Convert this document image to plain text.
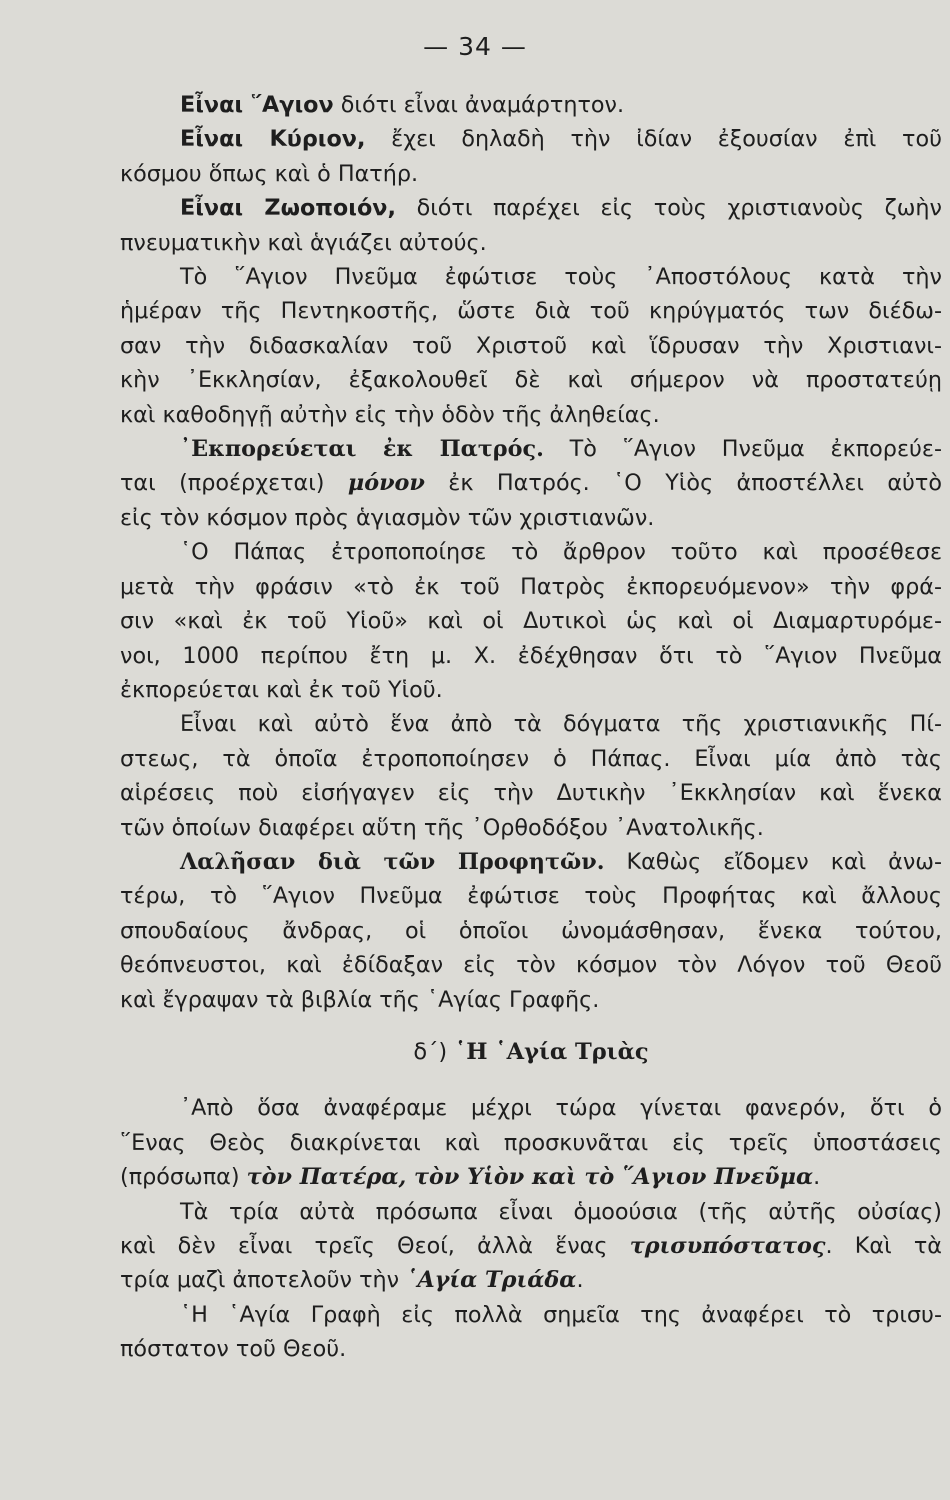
— 34 —
Εἶναι ῞Αγιον διότι εἶναι ἀναμάρτητον.
Εἶναι Κύριον, ἔχει δηλαδὴ τὴν ἰδίαν ἐξουσίαν ἐπὶ τοῦ
κόσμου ὅπως καὶ ὁ Πατήρ.
Εἶναι Ζωοποιόν, διότι παρέχει εἰς τοὺς χριστιανοὺς ζωὴν
πνευματικὴν καὶ ἁγιάζει αὐτούς.
Τὸ ῞Αγιον Πνεῦμα ἐφώτισε τοὺς ᾿Αποστόλους κατὰ τὴν
ἡμέραν τῆς Πεντηκοστῆς, ὥστε διὰ τοῦ κηρύγματός των διέδω-
σαν τὴν διδασκαλίαν τοῦ Χριστοῦ καὶ ἵδρυσαν τὴν Χριστιανι-
κὴν ᾿Εκκλησίαν, ἐξακολουθεῖ δὲ καὶ σήμερον νὰ προστατεύῃ
καὶ καθοδηγῇ αὐτὴν εἰς τὴν ὁδὸν τῆς ἀληθείας.
᾿Εκπορεύεται ἐκ Πατρός. Τὸ ῞Αγιον Πνεῦμα ἐκπορεύε-
ται (προέρχεται) μόνον ἐκ Πατρός. ῾Ο Υἱὸς ἀποστέλλει αὐτὸ
εἰς τὸν κόσμον πρὸς ἁγιασμὸν τῶν χριστιανῶν.
῾Ο Πάπας ἐτροποποίησε τὸ ἄρθρον τοῦτο καὶ προσέθεσε
μετὰ τὴν φράσιν «τὸ ἐκ τοῦ Πατρὸς ἐκπορευόμενον» τὴν φρά-
σιν «καὶ ἐκ τοῦ Υἱοῦ» καὶ οἱ Δυτικοὶ ὡς καὶ οἱ Διαμαρτυρόμε-
νοι, 1000 περίπου ἔτη μ. Χ. ἐδέχθησαν ὅτι τὸ ῞Αγιον Πνεῦμα
ἐκπορεύεται καὶ ἐκ τοῦ Υἱοῦ.
Εἶναι καὶ αὐτὸ ἕνα ἀπὸ τὰ δόγματα τῆς χριστιανικῆς Πί-
στεως, τὰ ὁποῖα ἐτροποποίησεν ὁ Πάπας. Εἶναι μία ἀπὸ τὰς
αἱρέσεις ποὺ εἰσήγαγεν εἰς τὴν Δυτικὴν ᾿Εκκλησίαν καὶ ἕνεκα
τῶν ὁποίων διαφέρει αὕτη τῆς ᾿Ορθοδόξου ᾿Ανατολικῆς.
Λαλῆσαν διὰ τῶν Προφητῶν. Καθὼς εἴδομεν καὶ ἀνω-
τέρω, τὸ ῞Αγιον Πνεῦμα ἐφώτισε τοὺς Προφήτας καὶ ἄλλους
σπουδαίους ἄνδρας, οἱ ὁποῖοι ὠνομάσθησαν, ἕνεκα τούτου,
θεόπνευστοι, καὶ ἐδίδαξαν εἰς τὸν κόσμον τὸν Λόγον τοῦ Θεοῦ
καὶ ἔγραψαν τὰ βιβλία τῆς ῾Αγίας Γραφῆς.
δ΄) ῾Η ῾Αγία Τριὰς
᾿Απὸ ὅσα ἀναφέραμε μέχρι τώρα γίνεται φανερόν, ὅτι ὁ
῞Ενας Θεὸς διακρίνεται καὶ προσκυνᾶται εἰς τρεῖς ὑποστάσεις
(πρόσωπα) τὸν Πατέρα, τὸν Υἱὸν καὶ τὸ ῞Αγιον Πνεῦμα.
Τὰ τρία αὐτὰ πρόσωπα εἶναι ὁμοούσια (τῆς αὐτῆς οὐσίας)
καὶ δὲν εἶναι τρεῖς Θεοί, ἀλλὰ ἕνας τρισυπόστατος. Καὶ τὰ
τρία μαζὶ ἀποτελοῦν τὴν ῾Αγία Τριάδα.
῾Η ῾Αγία Γραφὴ εἰς πολλὰ σημεῖα της ἀναφέρει τὸ τρισυ-
πόστατον τοῦ Θεοῦ.
